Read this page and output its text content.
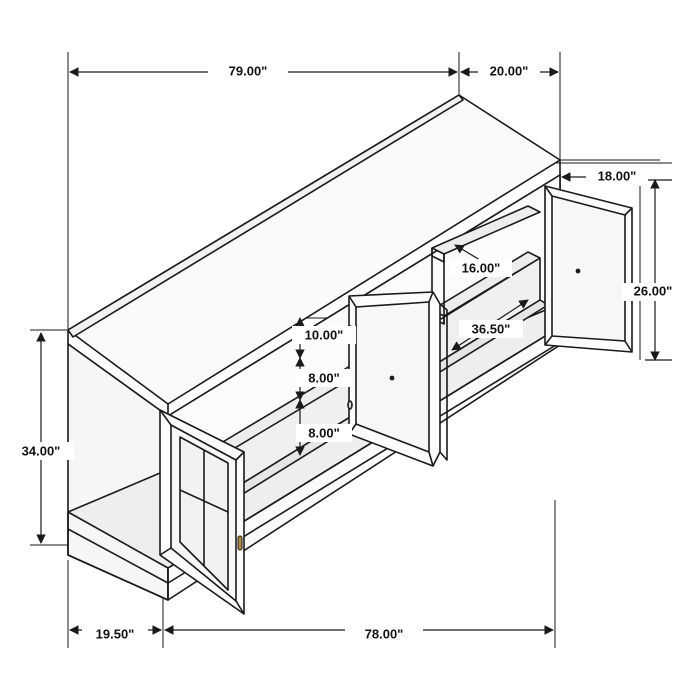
79.00"	20.00"
18.00"
26.00"
16.00"
36.50"
10.00"
8.00"
8.00"
34.00"
19.50"	78.00"
